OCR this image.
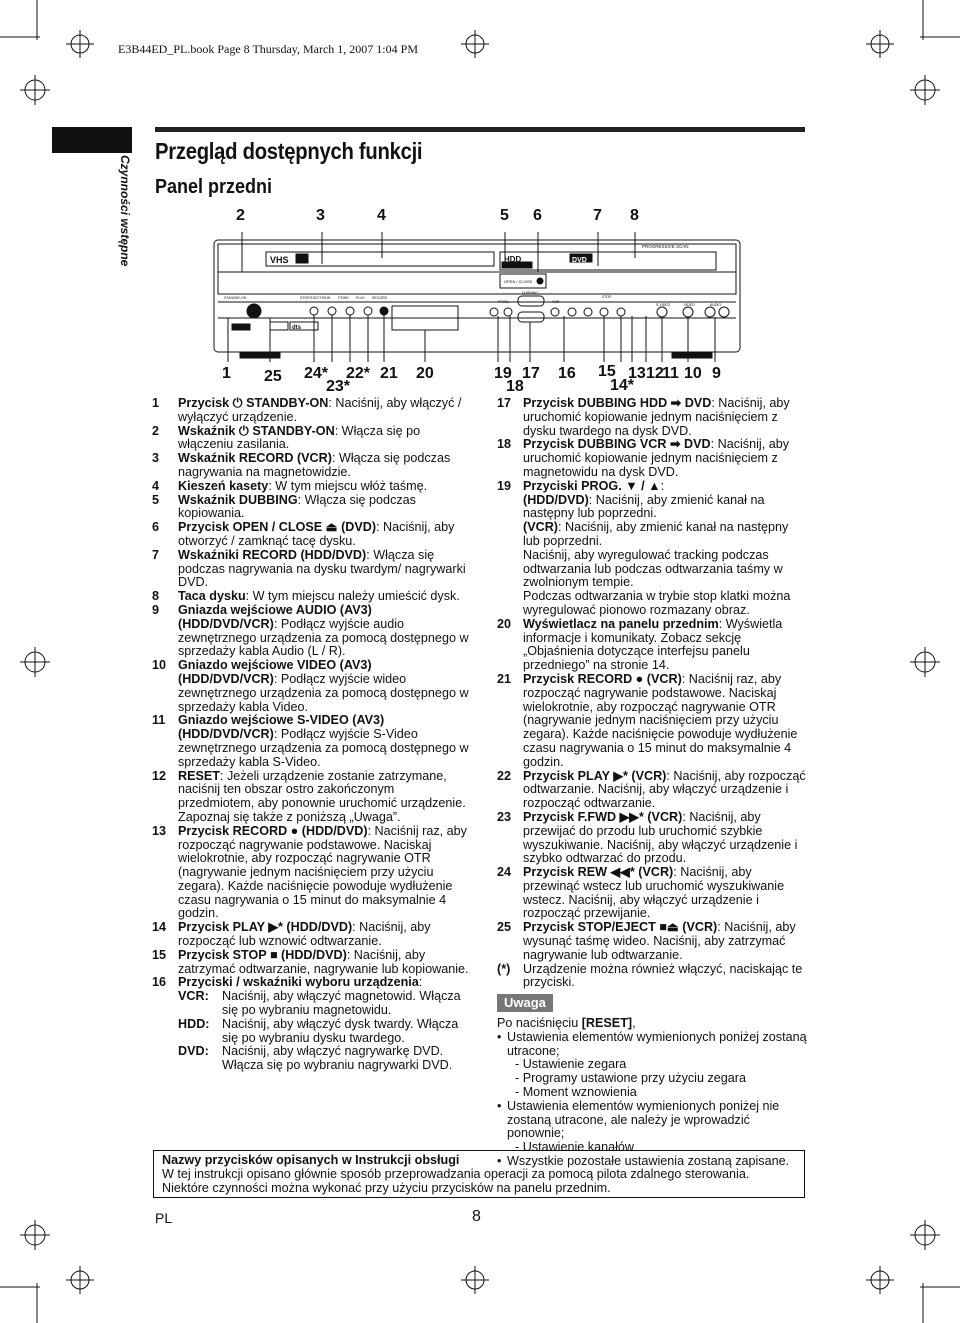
E3B44ED_PL.book Page 8 Thursday, March 1, 2007 1:04 PM
Czynności wstępne
Przegląd dostępnych funkcji
Panel przedni
2	3	4	5 6	7 8
VHS	HDD	DVD
PROGRESSIVE SCAN
OPEN / CLOSE
STANDBY-ON	STOP/EJECT REW F.FWD PLAY RECORD
PROG.
DUBBING
VCR
STOP
S-VIDEO	VIDEO	AUDIO
dts
1 25 24* 22* 21 20	19 17 16 15 13 12
11 10 9
23*	18	14*
1 Przycisk ⏻ STANDBY-ON: Naciśnij, aby włączyć / wyłączyć urządzenie.
2 Wskaźnik ⏻ STANDBY-ON: Włącza się po włączeniu zasilania.
3 Wskaźnik RECORD (VCR): Włącza się podczas nagrywania na magnetowidzie.
4 Kieszeń kasety: W tym miejscu włóż taśmę.
5 Wskaźnik DUBBING: Włącza się podczas kopiowania.
6 Przycisk OPEN / CLOSE ⏏ (DVD): Naciśnij, aby otworzyć / zamknąć tacę dysku.
7 Wskaźniki RECORD (HDD/DVD): Włącza się podczas nagrywania na dysku twardym/ nagrywarki DVD.
8 Taca dysku: W tym miejscu należy umieścić dysk.
9 Gniazda wejściowe AUDIO (AV3) (HDD/DVD/VCR): Podłącz wyjście audio zewnętrznego urządzenia za pomocą dostępnego w sprzedaży kabla Audio (L / R).
10 Gniazdo wejściowe VIDEO (AV3) (HDD/DVD/VCR): Podłącz wyjście wideo zewnętrznego urządzenia za pomocą dostępnego w sprzedaży kabla Video.
11 Gniazdo wejściowe S-VIDEO (AV3) (HDD/DVD/VCR): Podłącz wyjście S-Video zewnętrznego urządzenia za pomocą dostępnego w sprzedaży kabla S-Video.
12 RESET: Jeżeli urządzenie zostanie zatrzymane, naciśnij ten obszar ostro zakończonym przedmiotem, aby ponownie uruchomić urządzenie. Zapoznaj się także z poniższą „Uwaga”.
13 Przycisk RECORD ● (HDD/DVD): Naciśnij raz, aby rozpocząć nagrywanie podstawowe. Naciskaj wielokrotnie, aby rozpocząć nagrywanie OTR (nagrywanie jednym naciśnięciem przy użyciu zegara). Każde naciśnięcie powoduje wydłużenie czasu nagrywania o 15 minut do maksymalnie 4 godzin.
14 Przycisk PLAY ▶* (HDD/DVD): Naciśnij, aby rozpocząć lub wznowić odtwarzanie.
15 Przycisk STOP ■ (HDD/DVD): Naciśnij, aby zatrzymać odtwarzanie, nagrywanie lub kopiowanie.
16 Przyciski / wskaźniki wyboru urządzenia:
VCR:	Naciśnij, aby włączyć magnetowid. Włącza się po wybraniu magnetowidu.
HDD: Naciśnij, aby włączyć dysk twardy. Włącza się po wybraniu dysku twardego.
DVD:	Naciśnij, aby włączyć nagrywarkę DVD. Włącza się po wybraniu nagrywarki DVD.
17 Przycisk DUBBING HDD ➡ DVD: Naciśnij, aby uruchomić kopiowanie jednym naciśnięciem z dysku twardego na dysk DVD.
18 Przycisk DUBBING VCR ➡ DVD: Naciśnij, aby uruchomić kopiowanie jednym naciśnięciem z magnetowidu na dysk DVD.
19 Przyciski PROG. ▼ / ▲:
(HDD/DVD): Naciśnij, aby zmienić kanał na następny lub poprzedni.
(VCR): Naciśnij, aby zmienić kanał na następny lub poprzedni.
Naciśnij, aby wyregulować tracking podczas odtwarzania lub podczas odtwarzania taśmy w zwolnionym tempie.
Podczas odtwarzania w trybie stop klatki można wyregulować pionowo rozmazany obraz.
20 Wyświetlacz na panelu przednim: Wyświetla informacje i komunikaty. Zobacz sekcję „Objaśnienia dotyczące interfejsu panelu przedniego” na stronie 14.
21 Przycisk RECORD ● (VCR): Naciśnij raz, aby rozpocząć nagrywanie podstawowe. Naciskaj wielokrotnie, aby rozpocząć nagrywanie OTR (nagrywanie jednym naciśnięciem przy użyciu zegara). Każde naciśnięcie powoduje wydłużenie czasu nagrywania o 15 minut do maksymalnie 4 godzin.
22 Przycisk PLAY ▶* (VCR): Naciśnij, aby rozpocząć odtwarzanie. Naciśnij, aby włączyć urządzenie i rozpocząć odtwarzanie.
23 Przycisk F.FWD ▶▶* (VCR): Naciśnij, aby przewijać do przodu lub uruchomić szybkie wyszukiwanie. Naciśnij, aby włączyć urządzenie i szybko odtwarzać do przodu.
24 Przycisk REW ◀◀* (VCR): Naciśnij, aby przewinąć wstecz lub uruchomić wyszukiwanie wstecz. Naciśnij, aby włączyć urządzenie i rozpocząć przewijanie.
25 Przycisk STOP/EJECT ■⏏ (VCR): Naciśnij, aby wysunąć taśmę wideo. Naciśnij, aby zatrzymać nagrywanie lub odtwarzanie.
(*) Urządzenie można również włączyć, naciskając te przyciski.
Uwaga
Po naciśnięciu [RESET],
• Ustawienia elementów wymienionych poniżej zostaną utracone;
- Ustawienie zegara
- Programy ustawione przy użyciu zegara
- Moment wznowienia
• Ustawienia elementów wymienionych poniżej nie zostaną utracone, ale należy je wprowadzić ponownie;
- Ustawienie kanałów
• Wszystkie pozostałe ustawienia zostaną zapisane.
Nazwy przycisków opisanych w Instrukcji obsługi
W tej instrukcji opisano głównie sposób przeprowadzania operacji za pomocą pilota zdalnego sterowania.
Niektóre czynności można wykonać przy użyciu przycisków na panelu przednim.
PL	8
